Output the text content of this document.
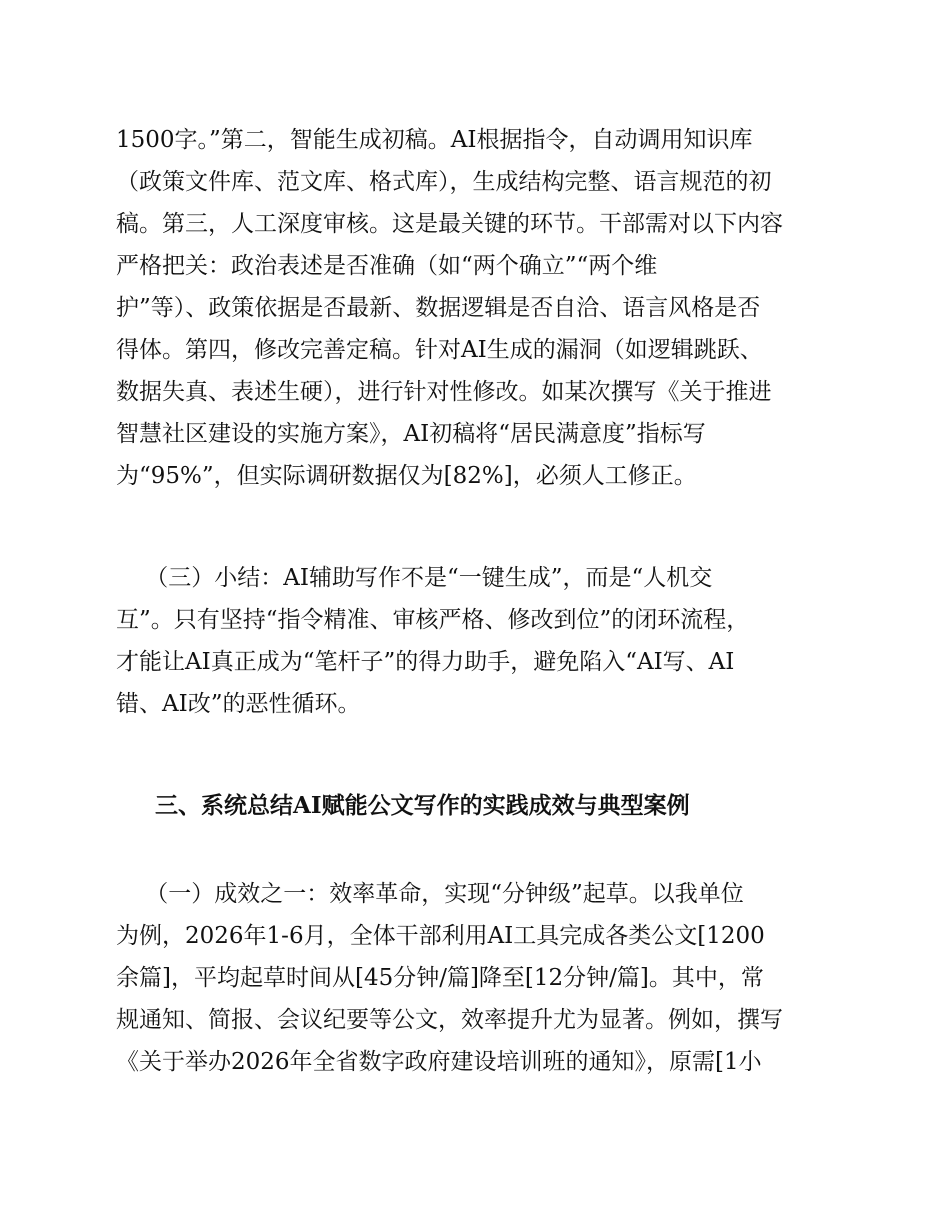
1500字。”第二，智能生成初稿。AI根据指令，自动调用知识库
（政策文件库、范文库、格式库），生成结构完整、语言规范的初
稿。第三，人工深度审核。这是最关键的环节。干部需对以下内容
严格把关：政治表述是否准确（如“两个确立”“两个维
护”等）、政策依据是否最新、数据逻辑是否自洽、语言风格是否
得体。第四，修改完善定稿。针对AI生成的漏洞（如逻辑跳跃、
数据失真、表述生硬），进行针对性修改。如某次撰写《关于推进
智慧社区建设的实施方案》，AI初稿将“居民满意度”指标写
为“95%”，但实际调研数据仅为[82%]，必须人工修正。
（三）小结：AI辅助写作不是“一键生成”，而是“人机交
互”。只有坚持“指令精准、审核严格、修改到位”的闭环流程，
才能让AI真正成为“笔杆子”的得力助手，避免陷入“AI写、AI
错、AI改”的恶性循环。
三、系统总结AI赋能公文写作的实践成效与典型案例
（一）成效之一：效率革命，实现“分钟级”起草。以我单位
为例，2026年1-6月，全体干部利用AI工具完成各类公文[1200
余篇]，平均起草时间从[45分钟/篇]降至[12分钟/篇]。其中，常
规通知、简报、会议纪要等公文，效率提升尤为显著。例如，撰写
《关于举办2026年全省数字政府建设培训班的通知》，原需[1小
